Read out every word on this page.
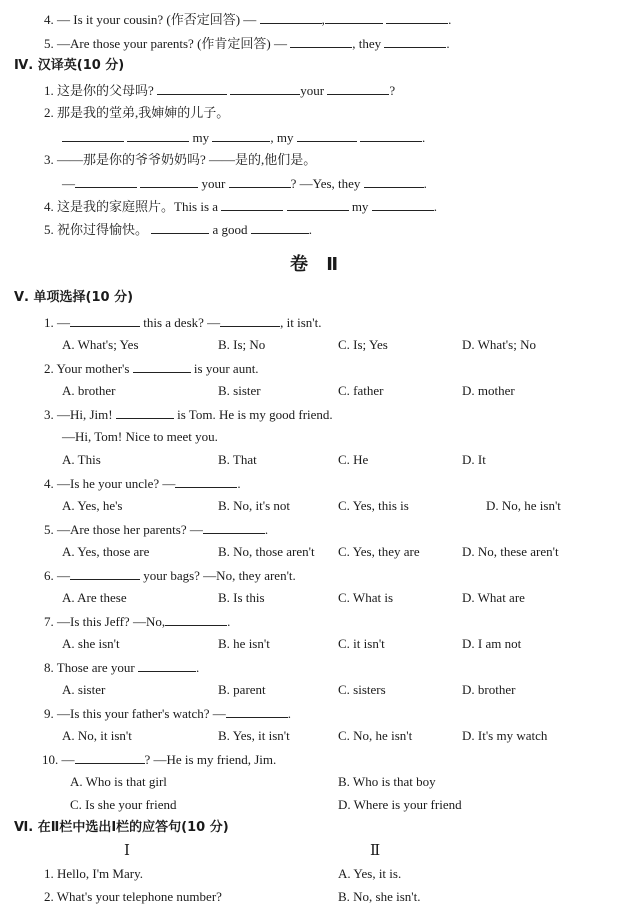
4. — Is it your cousin? (作否定回答) —	,	.
5. —Are those your parents? (作肯定回答) —	, they	.
Ⅳ. 汉译英(10 分)
1. 这是你的父母吗?	your	?
2. 那是我的堂弟,我婶婶的儿子。
my	, my	.
3. ——那是你的爷爷奶奶吗? ——是的,他们是。
—	your	? —Yes, they	.
4. 这是我的家庭照片。This is a	my	.
5. 祝你过得愉快。	a good	.
卷 Ⅱ
Ⅴ. 单项选择(10 分)
1. —	this a desk? —	, it isn't.
A. What's; Yes	B. Is; No	C. Is; Yes	D. What's; No
2. Your mother's	is your aunt.
A. brother	B. sister	C. father	D. mother
3. —Hi, Jim!	is Tom. He is my good friend.
—Hi, Tom! Nice to meet you.
A. This	B. That	C. He	D. It
4. —Is he your uncle? —	.
A. Yes, he's	B. No, it's not	C. Yes, this is	D. No, he isn't
5. —Are those her parents? —	.
A. Yes, those are	B. No, those aren't C. Yes, they are	D. No, these aren't
6. —	your bags? —No, they aren't.
A. Are these	B. Is this	C. What is	D. What are
7. —Is this Jeff? —No,	.
A. she isn't	B. he isn't	C. it isn't	D. I am not
8. Those are your	.
A. sister	B. parent	C. sisters	D. brother
9. —Is this your father's watch? —	.
A. No, it isn't	B. Yes, it isn't	C. No, he isn't	D. It's my watch
10. —	? —He is my friend, Jim.
A. Who is that girl	B. Who is that boy
C. Is she your friend	D. Where is your friend
Ⅵ. 在Ⅱ栏中选出Ⅰ栏的应答句(10 分)
Ⅰ	Ⅱ
1. Hello, I'm Mary.	A. Yes, it is.
2. What's your telephone number?	B. No, she isn't.
